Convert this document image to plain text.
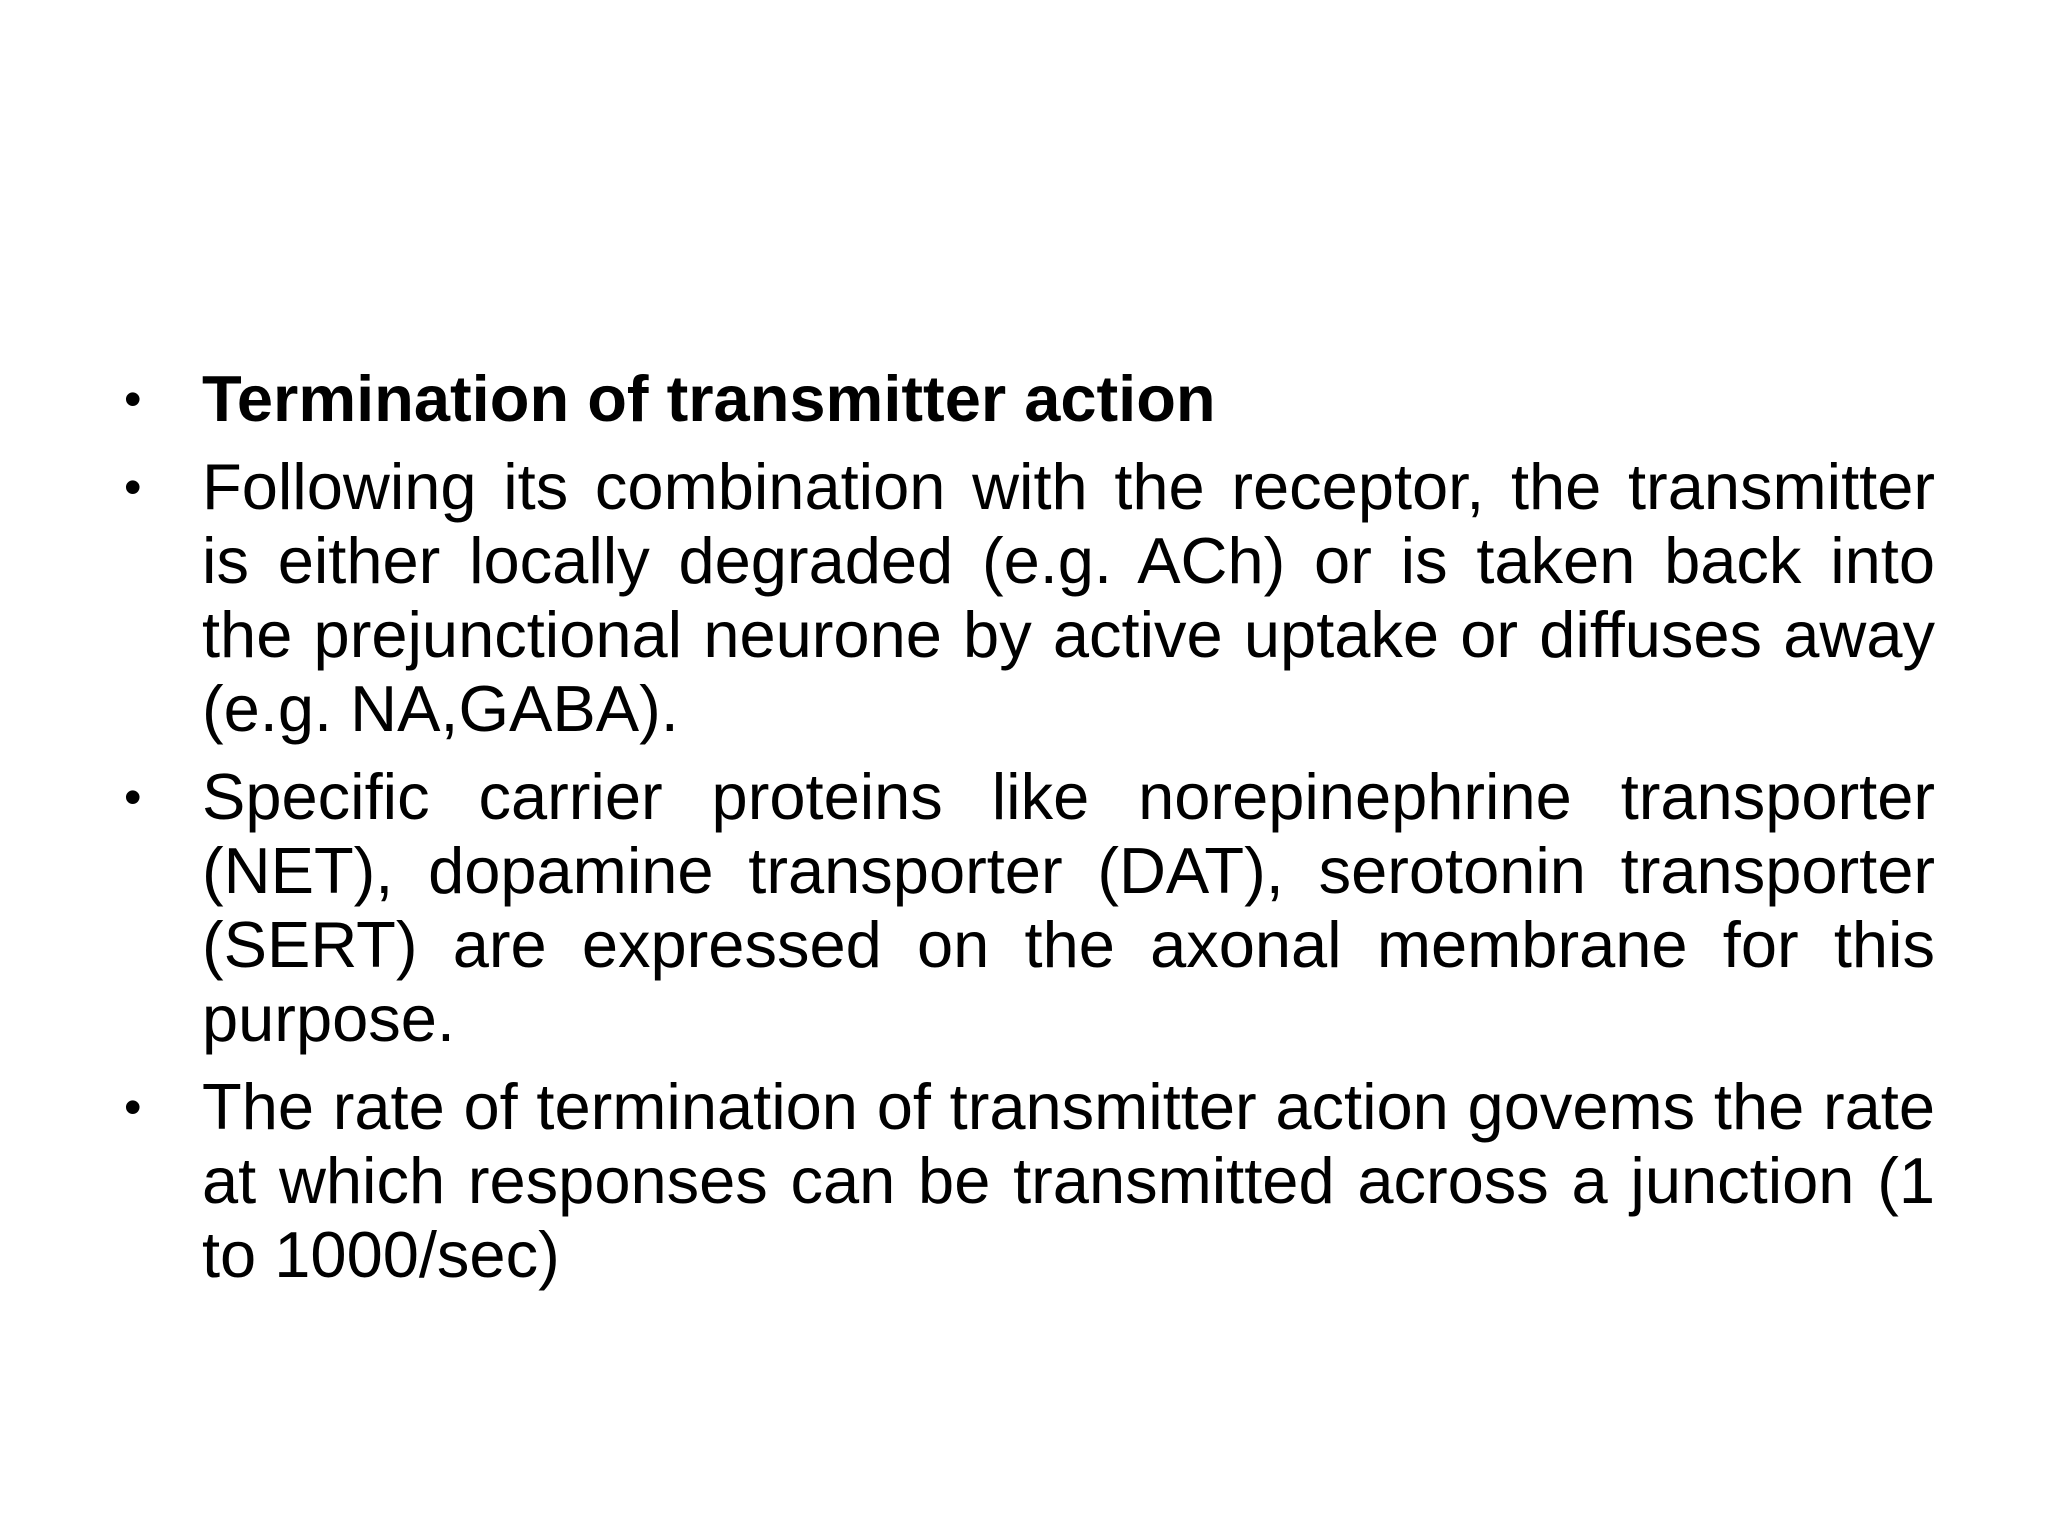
• Termination of transmitter action
• Following its combination with the receptor, the transmitter is either locally degraded (e.g. ACh) or is taken back into the prejunctional neurone by active uptake or diffuses away (e.g. NA,GABA).
• Specific carrier proteins like norepinephrine transporter (NET), dopamine transporter (DAT), serotonin transporter (SERT) are expressed on the axonal membrane for this purpose.
• The rate of termination of transmitter action govems the rate at which responses can be transmitted across a junction (1 to 1000/sec)
